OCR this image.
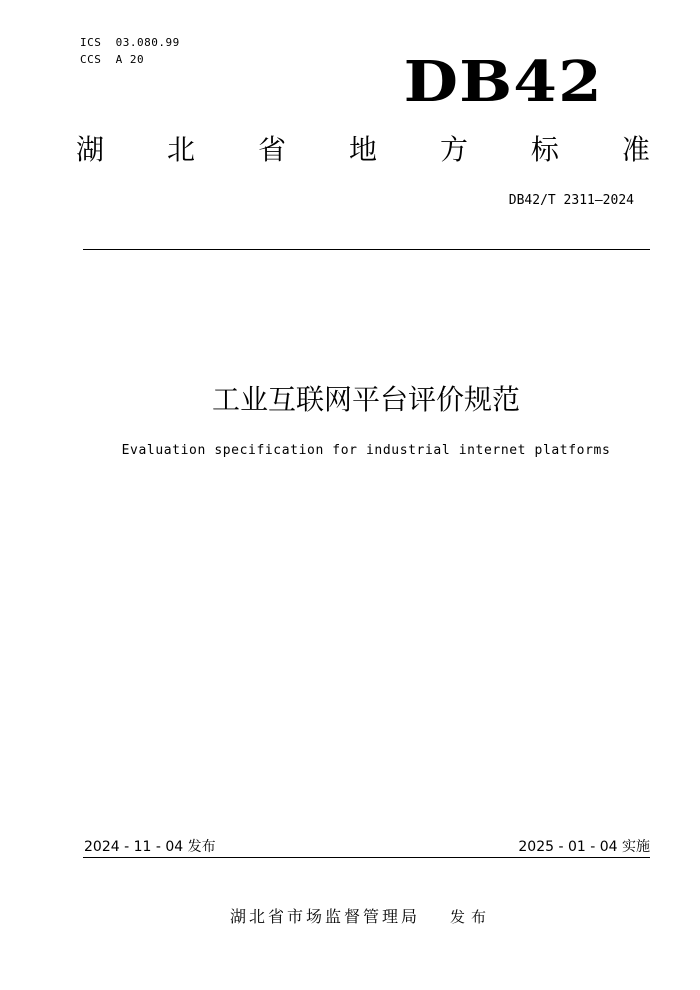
ICS  03.080.99
CCS  A 20	DB42
湖 北 省 地 方 标 准
DB42/T 2311—2024
工业互联网平台评价规范
Evaluation specification for industrial internet platforms
2024 - 11 - 04 发布	2025 - 01 - 04 实施
湖北省市场监督管理局 发布
